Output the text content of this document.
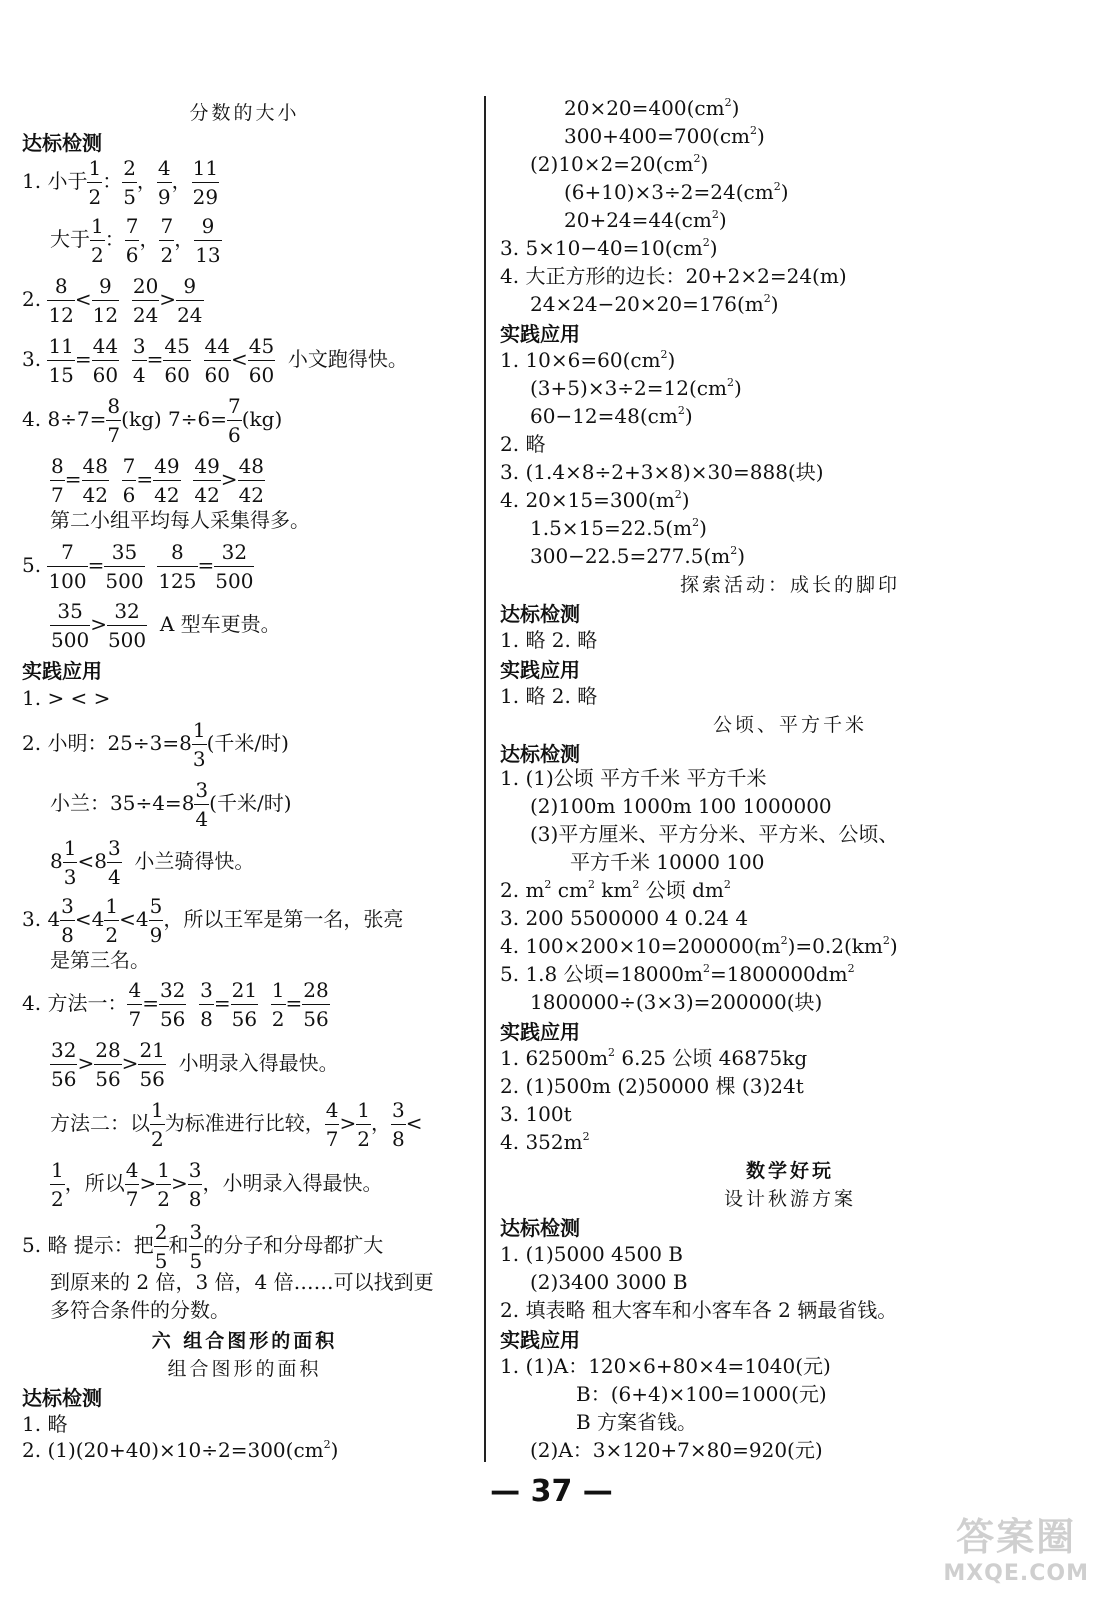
分数的大小
达标检测
1. 小于 $\frac{1}{2}$ ： $\frac{2}{5}$ ， $\frac{4}{9}$ ， $\frac{11}{29}$
大于 $\frac{1}{2}$ ： $\frac{7}{6}$ ， $\frac{7}{2}$ ， $\frac{9}{13}$
2. $\frac{8}{12} < \frac{9}{12}$
$\frac{20}{24} > \frac{9}{24}$
3. $\frac{11}{15} = \frac{44}{60}$
$\frac{3}{4} = \frac{45}{60}$
$\frac{44}{60} < \frac{45}{60}$ 小文跑得快。
4. $8\div 7= \frac{8}{7} (kg)$ $7\div 6= \frac{7}{6} (kg)$
$\frac{8}{7} = \frac{48}{42}$
$\frac{7}{6} = \frac{49}{42}$
$\frac{49}{42} > \frac{48}{42}$
第二小组平均每人采集得多。
5. $\frac{7}{100} = \frac{35}{500}$
$\frac{8}{125} = \frac{32}{500}$
$\frac{35}{500} > \frac{32}{500}$ A 型车更贵。
实践应用
1. > < >
2. 小明：$25\div 3=8 \frac{1}{3}$ (千米/时)
小兰：$35\div 4=8 \frac{3}{4}$ (千米/时)
$8 \frac{1}{3} <8 \frac{3}{4}$ 小兰骑得快。
3. $4 \frac{3}{8} <4 \frac{1}{2} <4 \frac{5}{9}$ ，所以王军是第一名，张亮
是第三名。
4. 方法一： $\frac{4}{7} = \frac{32}{56}$
$\frac{3}{8} = \frac{21}{56}$
$\frac{1}{2} = \frac{28}{56}$
$\frac{32}{56} > \frac{28}{56} > \frac{21}{56}$ 小明录入得最快。
方法二：以 $\frac{1}{2}$ 为标准进行比较， $\frac{4}{7} > \frac{1}{2}$ ， $\frac{3}{8}$ <
$\frac{1}{2}$ ，所以 $\frac{4}{7} > \frac{1}{2} > \frac{3}{8}$ ，小明录入得最快。
5. 略 提示：把 $\frac{2}{5}$ 和 $\frac{3}{5}$ 的分子和分母都扩大
到原来的 2 倍，3 倍，4 倍……可以找到更
多符合条件的分数。
六 组合图形的面积
组合图形的面积
达标检测
1. 略
2. $(1)(20+40)\times 10\div 2=300(cm^2)$
$20\times 20=400(cm^2)$
$300+400=700(cm^2)$
$(2)10\times 2=20(cm^2)$
$(6+10)\times 3\div 2=24(cm^2)$
$20+24=44(cm^2)$
3. $5\times 10-40=10(cm^2)$
4. 大正方形的边长：20+2×2=24(m)
$24\times 24-20\times 20=176(m^2)$
实践应用
1. $10\times 6=60(cm^2)$
$(3+5)\times 3\div 2=12(cm^2)$
$60-12=48(cm^2)$
2. 略
3. (1.4×8÷2+3×8)×30=888(块)
4. $20\times 15=300(m^2)$
$1.5\times 15=22.5(m^2)$
$300-22.5=277.5(m^2)$
探索活动：成长的脚印
达标检测
1. 略 2. 略
实践应用
1. 略 2. 略
公顷、平方千米
达标检测
1. (1)公顷 平方千米 平方千米
(2)100m 1000m 100 1000000
(3)平方厘米、平方分米、平方米、公顷、
平方千米 10000 100
2. $m^2$ $cm^2$ $km^2$ 公顷 $dm^2$
3. 200 5500000 4 0.24 4
4. $100\times 200\times 10=200000(m^2)=0.2(km^2)$
5. 1.8 公顷$=18000m^2=1800000dm^2$
1800000÷(3×3)=200000(块)
实践应用
1. $62500m^2$ 6.25 公顷 46875kg
2. (1)500m (2)50000 棵 (3)24t
3. 100t
4. $352m^2$
数学好玩
设计秋游方案
达标检测
1. (1)5000 4500 B
(2)3400 3000 B
2. 填表略 租大客车和小客车各 2 辆最省钱。
实践应用
1. (1)A：120×6+80×4=1040(元)
B：(6+4)×100=1000(元)
B 方案省钱。
(2)A：3×120+7×80=920(元)
— 37 —
答案圈
MXQE.COM
